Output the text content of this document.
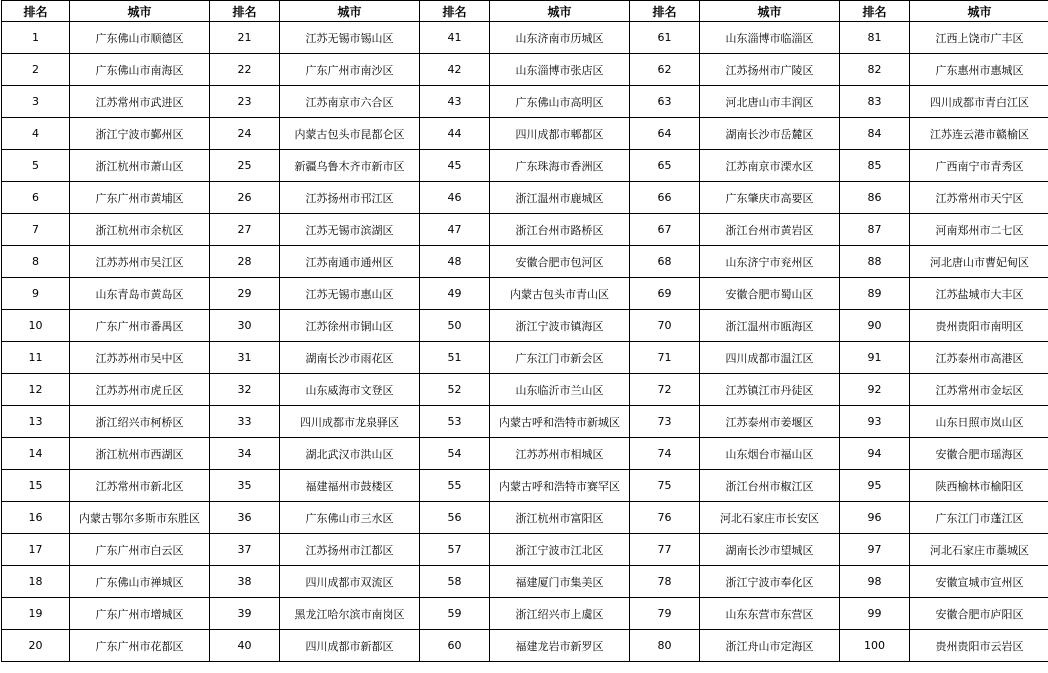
排名	城市	排名	城市	排名	城市	排名	城市	排名	城市
1	广东佛山市顺德区	21	江苏无锡市锡山区	41	山东济南市历城区	61	山东淄博市临淄区	81	江西上饶市广丰区
2	广东佛山市南海区	22	广东广州市南沙区	42	山东淄博市张店区	62	江苏扬州市广陵区	82	广东惠州市惠城区
3	江苏常州市武进区	23	江苏南京市六合区	43	广东佛山市高明区	63	河北唐山市丰润区	83	四川成都市青白江区
4	浙江宁波市鄞州区	24	内蒙古包头市昆都仑区	44	四川成都市郫都区	64	湖南长沙市岳麓区	84	江苏连云港市赣榆区
5	浙江杭州市萧山区	25	新疆乌鲁木齐市新市区	45	广东珠海市香洲区	65	江苏南京市溧水区	85	广西南宁市青秀区
6	广东广州市黄埔区	26	江苏扬州市邗江区	46	浙江温州市鹿城区	66	广东肇庆市高要区	86	江苏常州市天宁区
7	浙江杭州市余杭区	27	江苏无锡市滨湖区	47	浙江台州市路桥区	67	浙江台州市黄岩区	87	河南郑州市二七区
8	江苏苏州市吴江区	28	江苏南通市通州区	48	安徽合肥市包河区	68	山东济宁市兖州区	88	河北唐山市曹妃甸区
9	山东青岛市黄岛区	29	江苏无锡市惠山区	49	内蒙古包头市青山区	69	安徽合肥市蜀山区	89	江苏盐城市大丰区
10	广东广州市番禺区	30	江苏徐州市铜山区	50	浙江宁波市镇海区	70	浙江温州市瓯海区	90	贵州贵阳市南明区
11	江苏苏州市吴中区	31	湖南长沙市雨花区	51	广东江门市新会区	71	四川成都市温江区	91	江苏泰州市高港区
12	江苏苏州市虎丘区	32	山东威海市文登区	52	山东临沂市兰山区	72	江苏镇江市丹徒区	92	江苏常州市金坛区
13	浙江绍兴市柯桥区	33	四川成都市龙泉驿区	53	内蒙古呼和浩特市新城区	73	江苏泰州市姜堰区	93	山东日照市岚山区
14	浙江杭州市西湖区	34	湖北武汉市洪山区	54	江苏苏州市相城区	74	山东烟台市福山区	94	安徽合肥市瑶海区
15	江苏常州市新北区	35	福建福州市鼓楼区	55	内蒙古呼和浩特市赛罕区	75	浙江台州市椒江区	95	陕西榆林市榆阳区
16	内蒙古鄂尔多斯市东胜区	36	广东佛山市三水区	56	浙江杭州市富阳区	76	河北石家庄市长安区	96	广东江门市蓬江区
17	广东广州市白云区	37	江苏扬州市江都区	57	浙江宁波市江北区	77	湖南长沙市望城区	97	河北石家庄市藁城区
18	广东佛山市禅城区	38	四川成都市双流区	58	福建厦门市集美区	78	浙江宁波市奉化区	98	安徽宣城市宣州区
19	广东广州市增城区	39	黑龙江哈尔滨市南岗区	59	浙江绍兴市上虞区	79	山东东营市东营区	99	安徽合肥市庐阳区
20	广东广州市花都区	40	四川成都市新都区	60	福建龙岩市新罗区	80	浙江舟山市定海区	100	贵州贵阳市云岩区
